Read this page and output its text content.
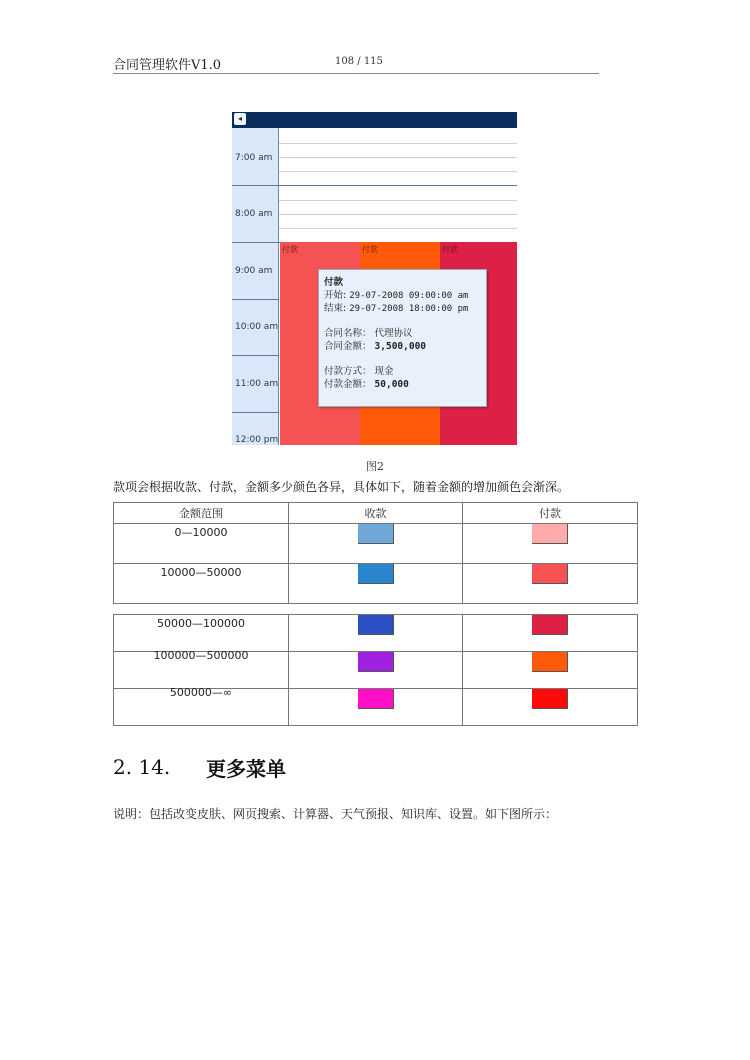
合同管理软件V1.0	108 / 115
◂
7:00 am
8:00 am
9:00 am
10:00 am
11:00 am
12:00 pm
付款	付款	付款
付款
开始: 29-07-2008 09:00:00 am
结束: 29-07-2008 18:00:00 pm
合同名称： 代理协议
合同金额： 3,500,000
付款方式： 现金
付款金额： 50,000
图2
款项会根据收款、付款，金额多少颜色各异，具体如下，随着金额的增加颜色会渐深。
金额范围	收款	付款

0—10000		

10000—50000		

50000—100000		

100000—500000		

500000—∞		

2. 14. 更多菜单
说明：包括改变皮肤、网页搜索、计算器、天气预报、知识库、设置。如下图所示：
